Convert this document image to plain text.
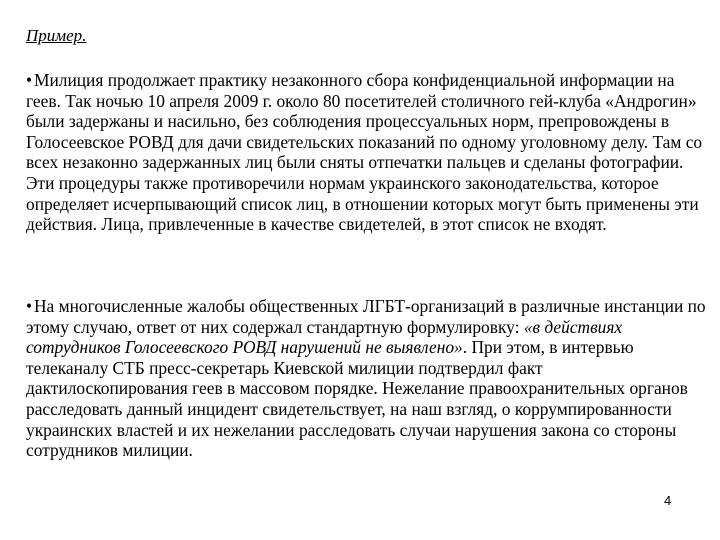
Пример.

• Милиция продолжает практику незаконного сбора конфиденциальной информации на геев. Так ночью 10 апреля 2009 г. около 80 посетителей столичного гей-клуба «Андрогин» были задержаны и насильно, без соблюдения процессуальных норм, препровождены в Голосеевское РОВД для дачи свидетельских показаний по одному уголовному делу. Там со всех незаконно задержанных лиц были сняты отпечатки пальцев и сделаны фотографии. Эти процедуры также противоречили нормам украинского законодательства, которое определяет исчерпывающий список лиц, в отношении которых могут быть применены эти действия. Лица, привлеченные в качестве свидетелей, в этот список не входят.

• На многочисленные жалобы общественных ЛГБТ-организаций в различные инстанции по этому случаю, ответ от них содержал стандартную формулировку: «в действиях сотрудников Голосеевского РОВД нарушений не выявлено». При этом, в интервью телеканалу СТБ пресс-секретарь Киевской милиции подтвердил факт дактилоскопирования геев в массовом порядке. Нежелание правоохранительных органов расследовать данный инцидент свидетельствует, на наш взгляд, о коррумпированности украинских властей и их нежелании расследовать случаи нарушения закона со стороны сотрудников милиции.

4
